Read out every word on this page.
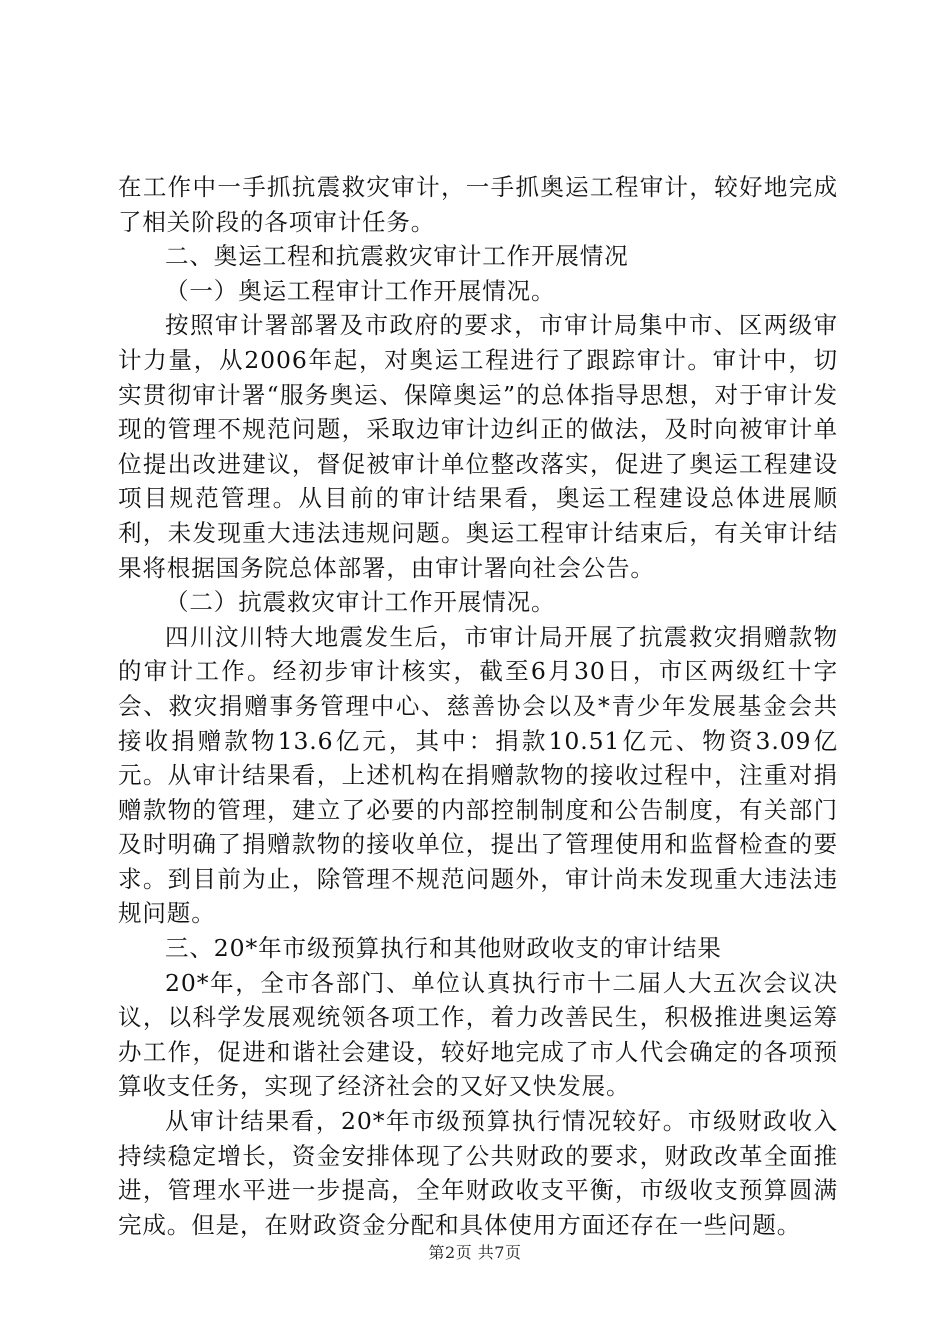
在工作中一手抓抗震救灾审计，一手抓奥运工程审计，较好地完成了相关阶段的各项审计任务。

二、奥运工程和抗震救灾审计工作开展情况

（一）奥运工程审计工作开展情况。

按照审计署部署及市政府的要求，市审计局集中市、区两级审计力量，从2006年起，对奥运工程进行了跟踪审计。审计中，切实贯彻审计署“服务奥运、保障奥运”的总体指导思想，对于审计发现的管理不规范问题，采取边审计边纠正的做法，及时向被审计单位提出改进建议，督促被审计单位整改落实，促进了奥运工程建设项目规范管理。从目前的审计结果看，奥运工程建设总体进展顺利，未发现重大违法违规问题。奥运工程审计结束后，有关审计结果将根据国务院总体部署，由审计署向社会公告。

（二）抗震救灾审计工作开展情况。

四川汶川特大地震发生后，市审计局开展了抗震救灾捐赠款物的审计工作。经初步审计核实，截至6月30日，市区两级红十字会、救灾捐赠事务管理中心、慈善协会以及*青少年发展基金会共接收捐赠款物13.6亿元，其中：捐款10.51亿元、物资3.09亿元。从审计结果看，上述机构在捐赠款物的接收过程中，注重对捐赠款物的管理，建立了必要的内部控制制度和公告制度，有关部门及时明确了捐赠款物的接收单位，提出了管理使用和监督检查的要求。到目前为止，除管理不规范问题外，审计尚未发现重大违法违规问题。

三、20*年市级预算执行和其他财政收支的审计结果

20*年，全市各部门、单位认真执行市十二届人大五次会议决议，以科学发展观统领各项工作，着力改善民生，积极推进奥运筹办工作，促进和谐社会建设，较好地完成了市人代会确定的各项预算收支任务，实现了经济社会的又好又快发展。

从审计结果看，20*年市级预算执行情况较好。市级财政收入持续稳定增长，资金安排体现了公共财政的要求，财政改革全面推进，管理水平进一步提高，全年财政收支平衡，市级收支预算圆满完成。但是，在财政资金分配和具体使用方面还存在一些问题。

第2页 共7页
